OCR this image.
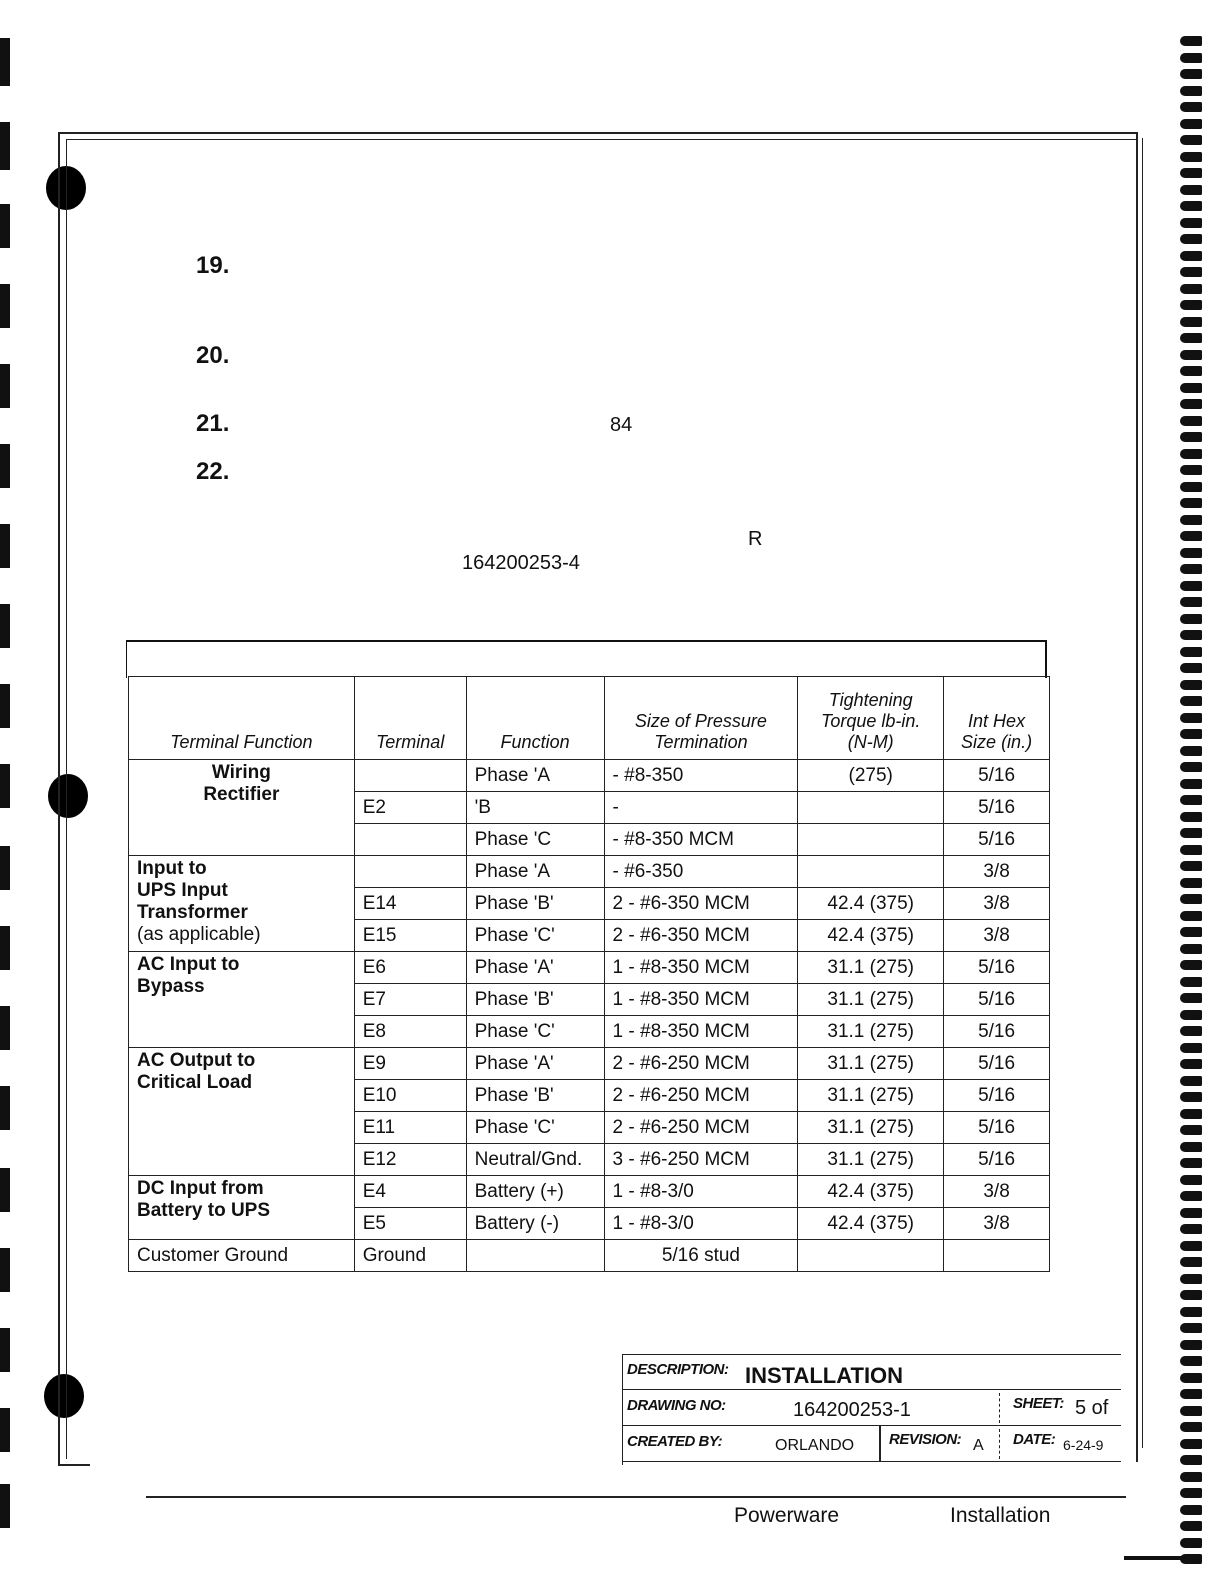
19.
20.
21.
22.
84
R
164200253-4
Terminal Function	Terminal	Function	Size of Pressure Termination	Tightening Torque lb-in. (N-M)	Int Hex Size (in.)

Wiring
Rectifier		Phase 'A	- #8-350	(275)	5/16
	E2	'B	-		5/16
		Phase 'C	- #8-350 MCM		5/16

Input to
UPS Input
Transformer
(as applicable)		Phase 'A	- #6-350		3/8
	E14	Phase 'B'	2 - #6-350 MCM	42.4 (375)	3/8
	E15	Phase 'C'	2 - #6-350 MCM	42.4 (375)	3/8

AC Input to
Bypass	E6	Phase 'A'	1 - #8-350 MCM	31.1 (275)	5/16
	E7	Phase 'B'	1 - #8-350 MCM	31.1 (275)	5/16
	E8	Phase 'C'	1 - #8-350 MCM	31.1 (275)	5/16

AC Output to
Critical Load	E9	Phase 'A'	2 - #6-250 MCM	31.1 (275)	5/16
	E10	Phase 'B'	2 - #6-250 MCM	31.1 (275)	5/16
	E11	Phase 'C'	2 - #6-250 MCM	31.1 (275)	5/16
	E12	Neutral/Gnd.	3 - #6-250 MCM	31.1 (275)	5/16

DC Input from
Battery to UPS	E4	Battery (+)	1 - #8-3/0	42.4 (375)	3/8
	E5	Battery (-)	1 - #8-3/0	42.4 (375)	3/8
Customer Ground	Ground		5/16 stud		
DESCRIPTION: INSTALLATION
DRAWING NO:	164200253-1	SHEET: 5 of
CREATED BY:	ORLANDO REVISION: A DATE: 6-24-9
Powerware	Installation
